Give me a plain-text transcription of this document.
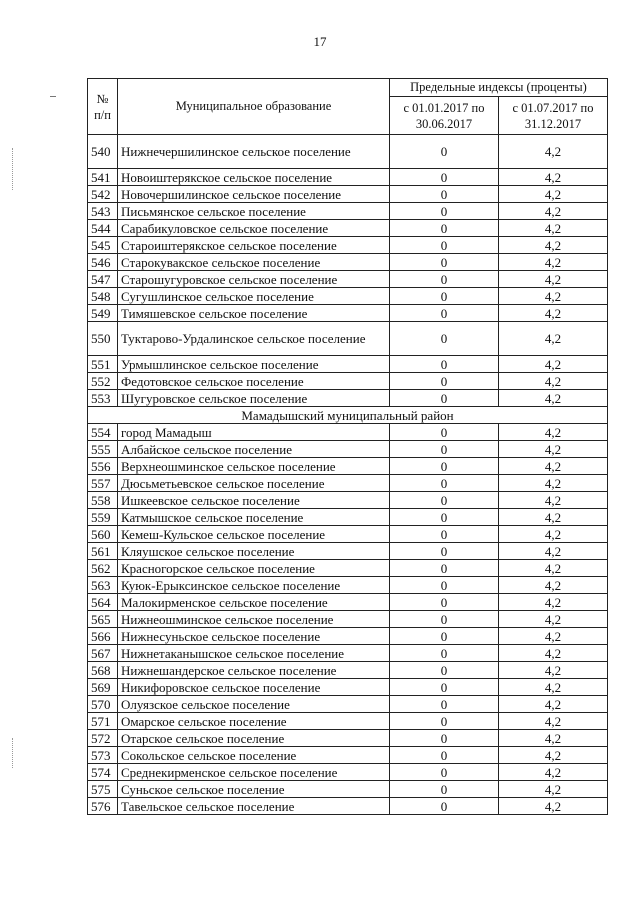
17
№ п/п	Муниципальное образование	Предельные индексы (проценты)	

		с 01.01.2017 по 30.06.2017	с 01.07.2017 по 31.12.2017

540	Нижнечершилинское сельское поселение	0	4,2
541	Новоиштерякское сельское поселение	0	4,2
542	Новочершилинское сельское поселение	0	4,2
543	Письмянское сельское поселение	0	4,2
544	Сарабикуловское сельское поселение	0	4,2
545	Староиштерякское сельское поселение	0	4,2
546	Старокувакское сельское поселение	0	4,2
547	Старошугуровское сельское поселение	0	4,2
548	Сугушлинское сельское поселение	0	4,2
549	Тимяшевское сельское поселение	0	4,2
550	Туктарово-Урдалинское сельское поселение	0	4,2
551	Урмышлинское сельское поселение	0	4,2
552	Федотовское сельское поселение	0	4,2
553	Шугуровское сельское поселение	0	4,2
Мамадышский муниципальный район			
554	город Мамадыш	0	4,2
555	Албайское сельское поселение	0	4,2
556	Верхнеошминское сельское поселение	0	4,2
557	Дюсьметьевское сельское поселение	0	4,2
558	Ишкеевское сельское поселение	0	4,2
559	Катмышское сельское поселение	0	4,2
560	Кемеш-Кульское сельское поселение	0	4,2
561	Кляушское сельское поселение	0	4,2
562	Красногорское сельское поселение	0	4,2
563	Куюк-Ерыксинское сельское поселение	0	4,2
564	Малокирменское сельское поселение	0	4,2
565	Нижнеошминское сельское поселение	0	4,2
566	Нижнесуньское сельское поселение	0	4,2
567	Нижнетаканышское сельское поселение	0	4,2
568	Нижнешандерское сельское поселение	0	4,2
569	Никифоровское сельское поселение	0	4,2
570	Олуязское сельское поселение	0	4,2
571	Омарское сельское поселение	0	4,2
572	Отарское сельское поселение	0	4,2
573	Сокольское сельское поселение	0	4,2
574	Среднекирменское сельское поселение	0	4,2
575	Суньское сельское поселение	0	4,2
576	Тавельское сельское поселение	0	4,2
